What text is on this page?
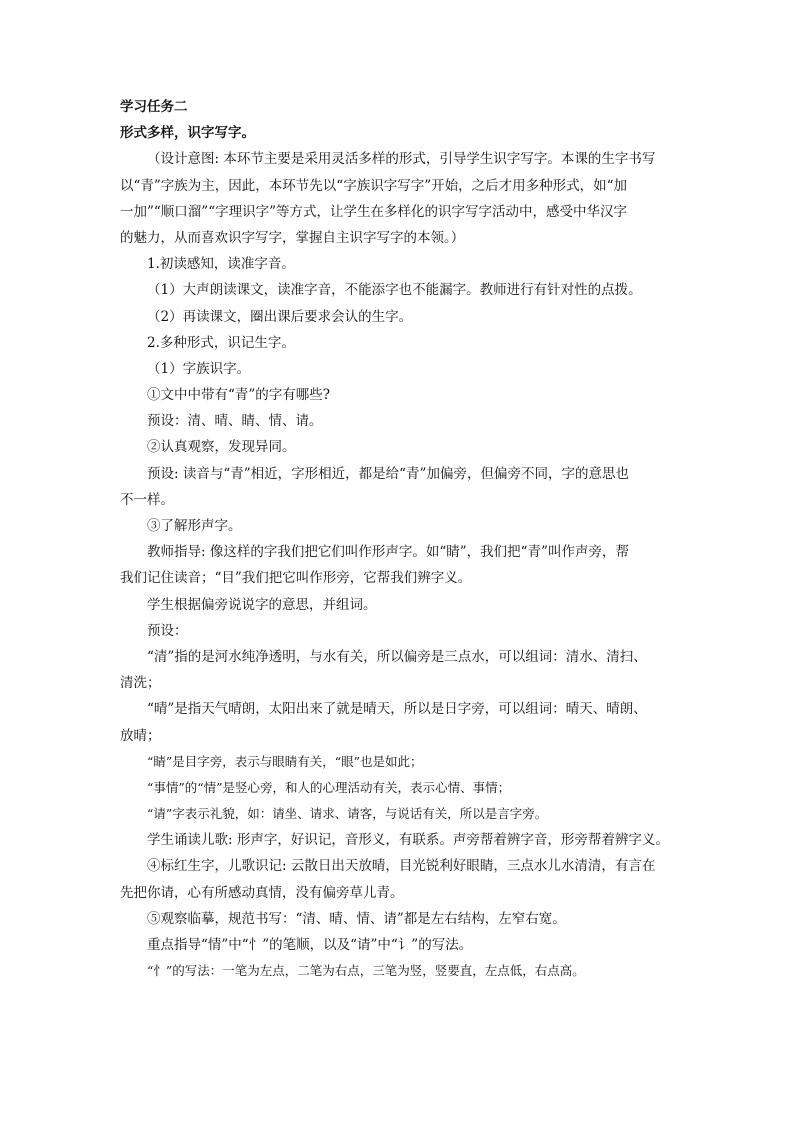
学习任务二
形式多样，识字写字。
（设计意图: 本环节主要是采用灵活多样的形式，引导学生识字写字。本课的生字书写
以“青”字族为主，因此，本环节先以“字族识字写字”开始，之后才用多种形式，如“加
一加”“顺口溜”“字理识字”等方式，让学生在多样化的识字写字活动中，感受中华汉字
的魅力，从而喜欢识字写字，掌握自主识字写字的本领。）
1.初读感知，读准字音。
（1）大声朗读课文，读准字音，不能添字也不能漏字。教师进行有针对性的点拨。
（2）再读课文，圈出课后要求会认的生字。
2.多种形式，识记生字。
（1）字族识字。
①文中中带有“青”的字有哪些?
预设：清、晴、睛、情、请。
②认真观察，发现异同。
预设: 读音与“青”相近，字形相近，都是给“青”加偏旁，但偏旁不同，字的意思也
不一样。
③了解形声字。
教师指导: 像这样的字我们把它们叫作形声字。如“睛”，我们把“青”叫作声旁，帮
我们记住读音；“目”我们把它叫作形旁，它帮我们辨字义。
学生根据偏旁说说字的意思，并组词。
预设：
“清”指的是河水纯净透明，与水有关，所以偏旁是三点水，可以组词：清水、清扫、
清洗；
“晴”是指天气晴朗，太阳出来了就是晴天，所以是日字旁，可以组词：晴天、晴朗、
放晴；
“睛”是目字旁，表示与眼睛有关，“眼”也是如此；
“事情”的“情”是竖心旁，和人的心理活动有关，表示心情、事情；
“请”字表示礼貌，如：请坐、请求、请客，与说话有关，所以是言字旁。
学生诵读儿歌: 形声字，好识记，音形义，有联系。声旁帮着辨字音，形旁帮着辨字义。
④标红生字，儿歌识记: 云散日出天放晴，目光锐利好眼睛，三点水儿水清清，有言在
先把你请，心有所感动真情，没有偏旁草儿青。
⑤观察临摹，规范书写：“清、晴、情、请”都是左右结构，左窄右宽。
重点指导“情”中“忄”的笔顺，以及“请”中“讠”的写法。
“忄”的写法：一笔为左点，二笔为右点，三笔为竖，竖要直，左点低，右点高。
